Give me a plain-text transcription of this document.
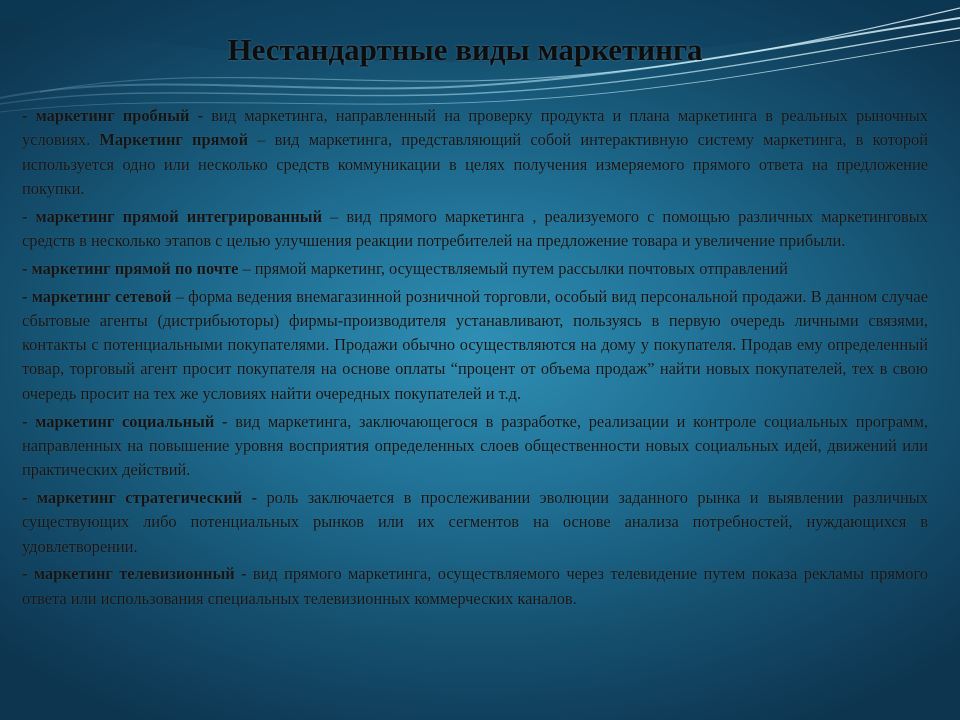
Нестандартные виды маркетинга

- маркетинг пробный - вид маркетинга, направленный на проверку продукта и плана маркетинга в реальных рыночных условиях. Маркетинг прямой – вид маркетинга, представляющий собой интерактивную систему маркетинга, в которой используется одно или несколько средств коммуникации в целях получения измеряемого прямого ответа на предложение покупки.

- маркетинг прямой интегрированный – вид прямого маркетинга , реализуемого с помощью различных маркетинговых средств в несколько этапов с целью улучшения реакции потребителей на предложение товара и увеличение прибыли.

- маркетинг прямой по почте – прямой маркетинг, осуществляемый путем рассылки почтовых отправлений

- маркетинг сетевой – форма ведения внемагазинной розничной торговли, особый вид персональной продажи. В данном случае сбытовые агенты (дистрибьюторы) фирмы-производителя устанавливают, пользуясь в первую очередь личными связями, контакты с потенциальными покупателями. Продажи обычно осуществляются на дому у покупателя. Продав ему определенный товар, торговый агент просит покупателя на основе оплаты “процент от объема продаж” найти новых покупателей, тех в свою очередь просит на тех же условиях найти очередных покупателей и т.д.

- маркетинг социальный - вид маркетинга, заключающегося в разработке, реализации и контроле социальных программ, направленных на повышение уровня восприятия определенных слоев общественности новых социальных идей, движений или практических действий.

- маркетинг стратегический - роль заключается в прослеживании эволюции заданного рынка и выявлении различных существующих либо потенциальных рынков или их сегментов на основе анализа потребностей, нуждающихся в удовлетворении.

- маркетинг телевизионный - вид прямого маркетинга, осуществляемого через телевидение путем показа рекламы прямого ответа или использования специальных телевизионных коммерческих каналов.
